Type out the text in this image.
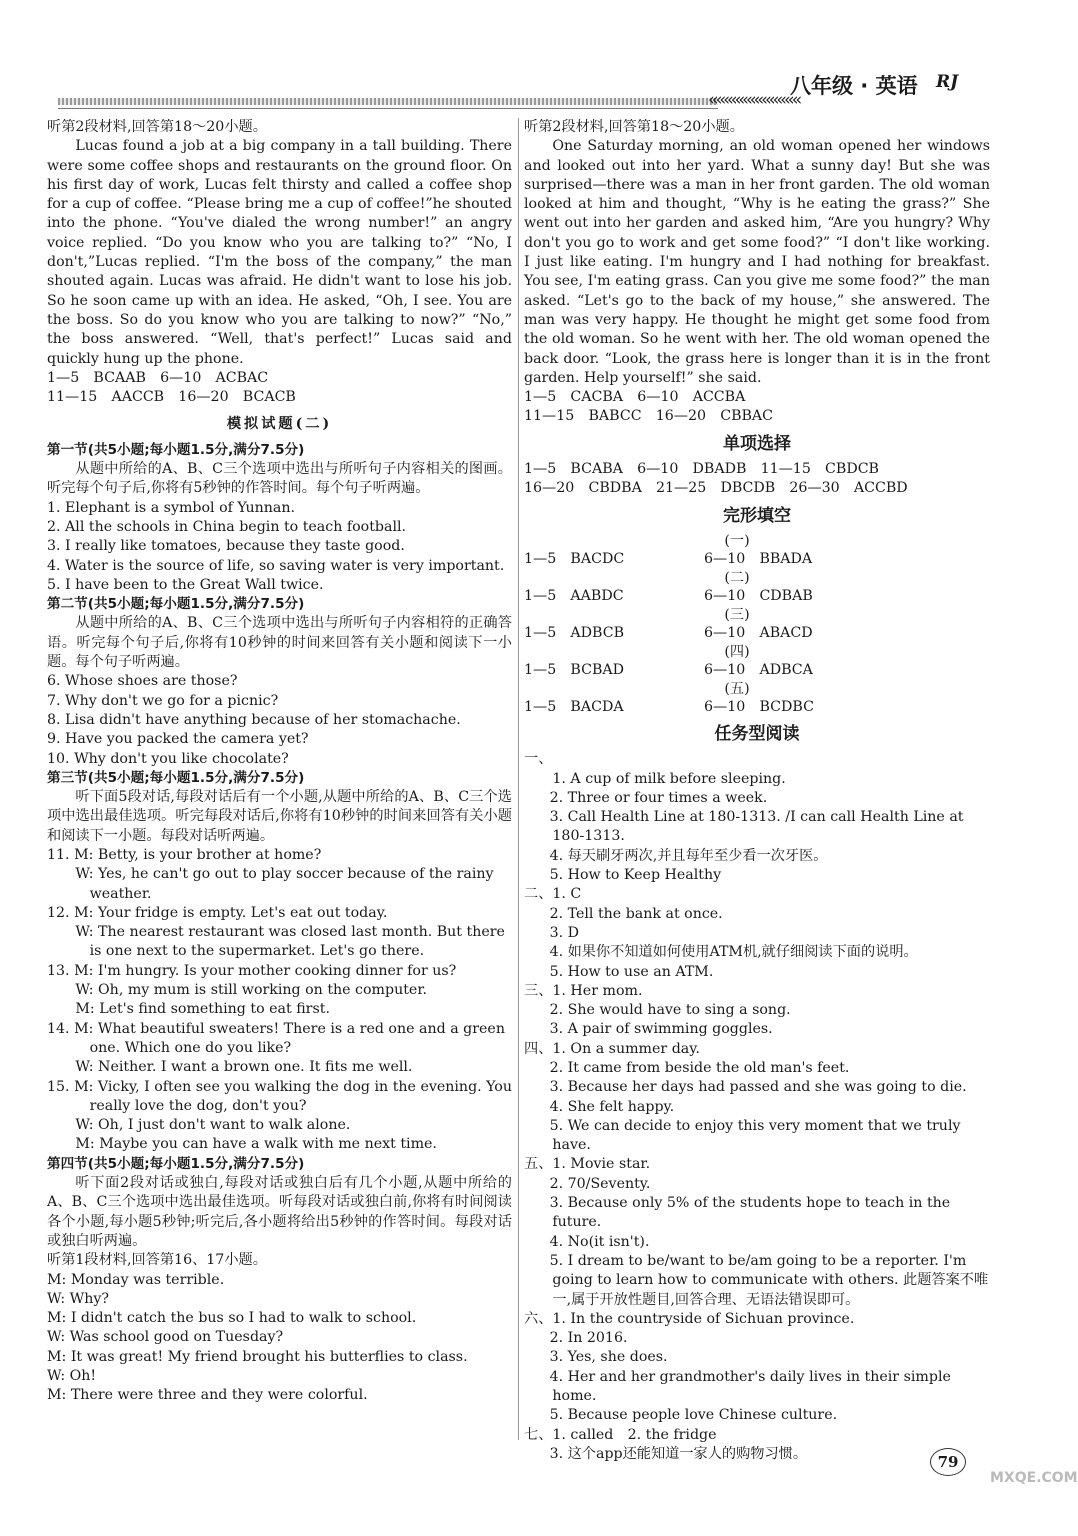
‹‹‹‹‹‹‹‹‹‹‹‹‹‹‹‹‹‹‹‹‹‹‹‹
八年级 · 英语 RJ

听第2段材料,回答第18～20小题。

Lucas found a job at a big company in a tall building. There were some coffee shops and restaurants on the ground floor. On his first day of work, Lucas felt thirsty and called a coffee shop for a cup of coffee. “Please bring me a cup of coffee!”he shouted into the phone. “You've dialed the wrong number!” an angry voice replied. “Do you know who you are talking to?” “No, I don't,”Lucas replied. “I'm the boss of the company,” the man shouted again. Lucas was afraid. He didn't want to lose his job. So he soon came up with an idea. He asked, “Oh, I see. You are the boss. So do you know who you are talking to now?” “No,” the boss answered. “Well, that's perfect!” Lucas said and quickly hung up the phone.

1—5　BCAAB　6—10　ACBAC

11—15　AACCB　16—20　BCACB

模拟试题(二)

第一节(共5小题;每小题1.5分,满分7.5分)

从题中所给的A、B、C三个选项中选出与所听句子内容相关的图画。听完每个句子后,你将有5秒钟的作答时间。每个句子听两遍。

1. Elephant is a symbol of Yunnan.

2. All the schools in China begin to teach football.

3. I really like tomatoes, because they taste good.

4. Water is the source of life, so saving water is very important.

5. I have been to the Great Wall twice.

第二节(共5小题;每小题1.5分,满分7.5分)

从题中所给的A、B、C三个选项中选出与所听句子内容相符的正确答语。听完每个句子后,你将有10秒钟的时间来回答有关小题和阅读下一小题。每个句子听两遍。

6. Whose shoes are those?

7. Why don't we go for a picnic?

8. Lisa didn't have anything because of her stomachache.

9. Have you packed the camera yet?

10. Why don't you like chocolate?

第三节(共5小题;每小题1.5分,满分7.5分)

听下面5段对话,每段对话后有一个小题,从题中所给的A、B、C三个选项中选出最佳选项。听完每段对话后,你将有10秒钟的时间来回答有关小题和阅读下一小题。每段对话听两遍。

11. M: Betty, is your brother at home?

W: Yes, he can't go out to play soccer because of the rainy weather.

12. M: Your fridge is empty. Let's eat out today.

W: The nearest restaurant was closed last month. But there is one next to the supermarket. Let's go there.

13. M: I'm hungry. Is your mother cooking dinner for us?

W: Oh, my mum is still working on the computer.

M: Let's find something to eat first.

14. M: What beautiful sweaters! There is a red one and a green one. Which one do you like?

W: Neither. I want a brown one. It fits me well.

15. M: Vicky, I often see you walking the dog in the evening. You really love the dog, don't you?

W: Oh, I just don't want to walk alone.

M: Maybe you can have a walk with me next time.

第四节(共5小题;每小题1.5分,满分7.5分)

听下面2段对话或独白,每段对话或独白后有几个小题,从题中所给的A、B、C三个选项中选出最佳选项。听每段对话或独白前,你将有时间阅读各个小题,每小题5秒钟;听完后,各小题将给出5秒钟的作答时间。每段对话或独白听两遍。

听第1段材料,回答第16、17小题。

M: Monday was terrible.

W: Why?

M: I didn't catch the bus so I had to walk to school.

W: Was school good on Tuesday?

M: It was great! My friend brought his butterflies to class.

W: Oh!

M: There were three and they were colorful.

听第2段材料,回答第18～20小题。

One Saturday morning, an old woman opened her windows and looked out into her yard. What a sunny day! But she was surprised—there was a man in her front garden. The old woman looked at him and thought, “Why is he eating the grass?” She went out into her garden and asked him, “Are you hungry? Why don't you go to work and get some food?” “I don't like working. I just like eating. I'm hungry and I had nothing for breakfast. You see, I'm eating grass. Can you give me some food?” the man asked. “Let's go to the back of my house,” she answered. The man was very happy. He thought he might get some food from the old woman. So he went with her. The old woman opened the back door. “Look, the grass here is longer than it is in the front garden. Help yourself!” she said.

1—5　CACBA　6—10　ACCBA

11—15　BABCC　16—20　CBBAC

单项选择

1—5　BCABA　6—10　DBADB　11—15　CBDCB

16—20　CBDBA　21—25　DBCDB　26—30　ACCBD

完形填空
(一)
1—5　BACDC	6—10　BBADA
(二)
1—5　AABDC	6—10　CDBAB
(三)
1—5　ADBCB	6—10　ABACD
(四)
1—5　BCBAD	6—10　ADBCA
(五)
1—5　BACDA	6—10　BCDBC
任务型阅读

一、
1. A cup of milk before sleeping.

2. Three or four times a week.

3. Call Health Line at 180-1313. /I can call Health Line at 180-1313.

4. 每天刷牙两次,并且每年至少看一次牙医。

5. How to Keep Healthy

二、1. C

2. Tell the bank at once.

3. D

4. 如果你不知道如何使用ATM机,就仔细阅读下面的说明。

5. How to use an ATM.

三、1. Her mom.

2. She would have to sing a song.

3. A pair of swimming goggles.

四、1. On a summer day.

2. It came from beside the old man's feet.

3. Because her days had passed and she was going to die.

4. She felt happy.

5. We can decide to enjoy this very moment that we truly have.

五、1. Movie star.

2. 70/Seventy.

3. Because only 5% of the students hope to teach in the future.

4. No(it isn't).

5. I dream to be/want to be/am going to be a reporter. I'm going to learn how to communicate with others. 此题答案不唯一,属于开放性题目,回答合理、无语法错误即可。

六、1. In the countryside of Sichuan province.

2. In 2016.

3. Yes, she does.

4. Her and her grandmother's daily lives in their simple home.

5. Because people love Chinese culture.

七、1. called　2. the fridge

3. 这个app还能知道一家人的购物习惯。	79
MXQE.COM
